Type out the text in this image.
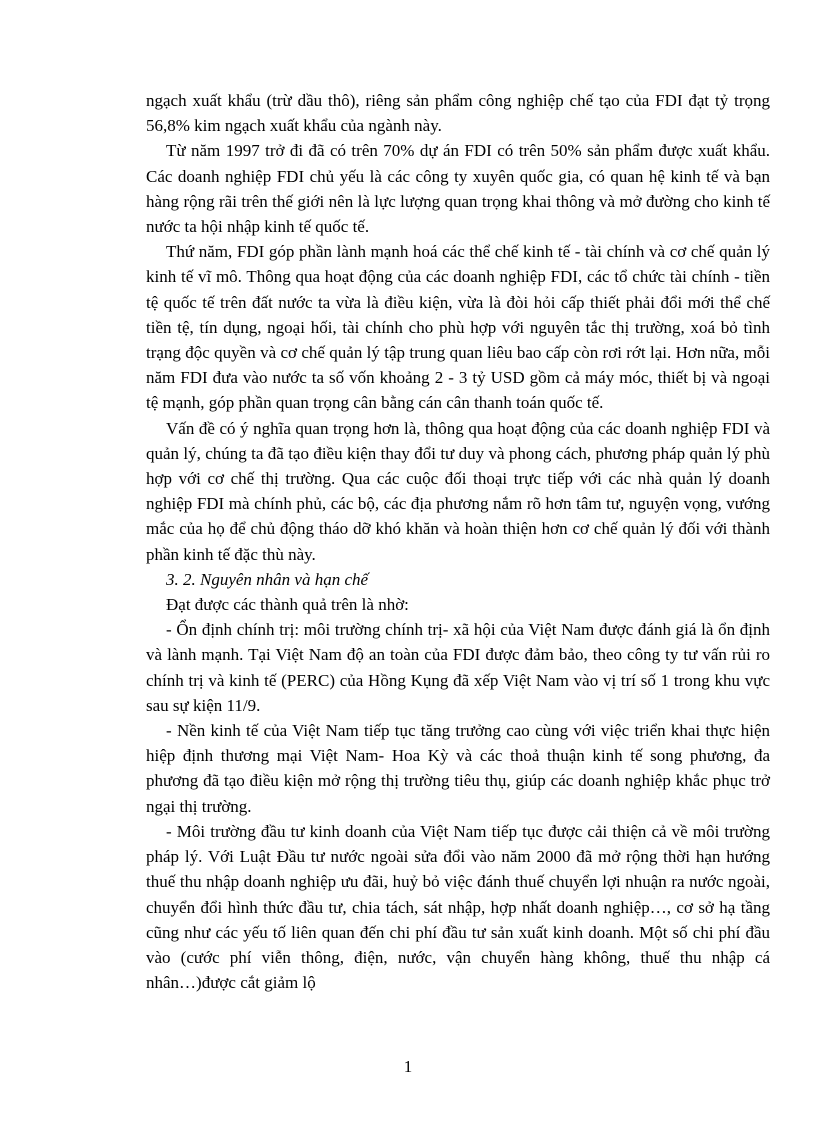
ngạch xuất khẩu (trừ dầu thô), riêng sản phẩm công nghiệp chế tạo của FDI đạt tỷ trọng 56,8% kim ngạch xuất khẩu của ngành này.

Từ năm 1997 trở đi đã có trên 70% dự án FDI có trên 50% sản phẩm được xuất khẩu. Các doanh nghiệp FDI chủ yếu là các công ty xuyên quốc gia, có quan hệ kinh tế và bạn hàng rộng rãi trên thế giới nên là lực lượng quan trọng khai thông và mở đường cho kinh tế nước ta hội nhập kinh tế quốc tế.

Thứ năm, FDI góp phần lành mạnh hoá các thể chế kinh tế - tài chính và cơ chế quản lý kinh tế vĩ mô. Thông qua hoạt động của các doanh nghiệp FDI, các tổ chức tài chính - tiền tệ quốc tế trên đất nước ta vừa là điều kiện, vừa là đòi hỏi cấp thiết phải đổi mới thể chế tiền tệ, tín dụng, ngoại hối, tài chính cho phù hợp với nguyên tắc thị trường, xoá bỏ tình trạng độc quyền và cơ chế quản lý tập trung quan liêu bao cấp còn rơi rớt lại. Hơn nữa, mỗi năm FDI đưa vào nước ta số vốn khoảng 2 - 3 tỷ USD gồm cả máy móc, thiết bị và ngoại tệ mạnh, góp phần quan trọng cân bằng cán cân thanh toán quốc tế.

Vấn đề có ý nghĩa quan trọng hơn là, thông qua hoạt động của các doanh nghiệp FDI và quản lý, chúng ta đã tạo điều kiện thay đổi tư duy và phong cách, phương pháp quản lý phù hợp với cơ chế thị trường. Qua các cuộc đối thoại trực tiếp với các nhà quản lý doanh nghiệp FDI mà chính phủ, các bộ, các địa phương nắm rõ hơn tâm tư, nguyện vọng, vướng mắc của họ để chủ động tháo dỡ khó khăn và hoàn thiện hơn cơ chế quản lý đối với thành phần kinh tế đặc thù này.

3. 2. Nguyên nhân và hạn chế

Đạt được các thành quả trên là nhờ:

- Ổn định chính trị: môi trường chính trị- xã hội của Việt Nam được đánh giá là ổn định và lành mạnh. Tại Việt Nam độ an toàn của FDI được đảm bảo, theo công ty tư vấn rủi ro chính trị và kinh tế (PERC) của Hồng Kụng đã xếp Việt Nam vào vị trí số 1 trong khu vực sau sự kiện 11/9.

- Nền kinh tế của Việt Nam tiếp tục tăng trưởng cao cùng với việc triển khai thực hiện hiệp định thương mại Việt Nam- Hoa Kỳ và các thoả thuận kinh tế song phương, đa phương đã tạo điều kiện mở rộng thị trường tiêu thụ, giúp các doanh nghiệp khắc phục trở ngại thị trường.

- Môi trường đầu tư kinh doanh của Việt Nam tiếp tục được cải thiện cả về môi trường pháp lý. Với Luật Đầu tư nước ngoài sửa đổi vào năm 2000 đã mở rộng thời hạn hướng thuế thu nhập doanh nghiệp ưu đãi, huỷ bỏ việc đánh thuế chuyển lợi nhuận ra nước ngoài, chuyển đổi hình thức đầu tư, chia tách, sát nhập, hợp nhất doanh nghiệp…, cơ sở hạ tầng cũng như các yếu tố liên quan đến chi phí đầu tư sản xuất kinh doanh. Một số chi phí đầu vào (cước phí viễn thông, điện, nước, vận chuyển hàng không, thuế thu nhập cá nhân…)được cắt giảm lộ

1
